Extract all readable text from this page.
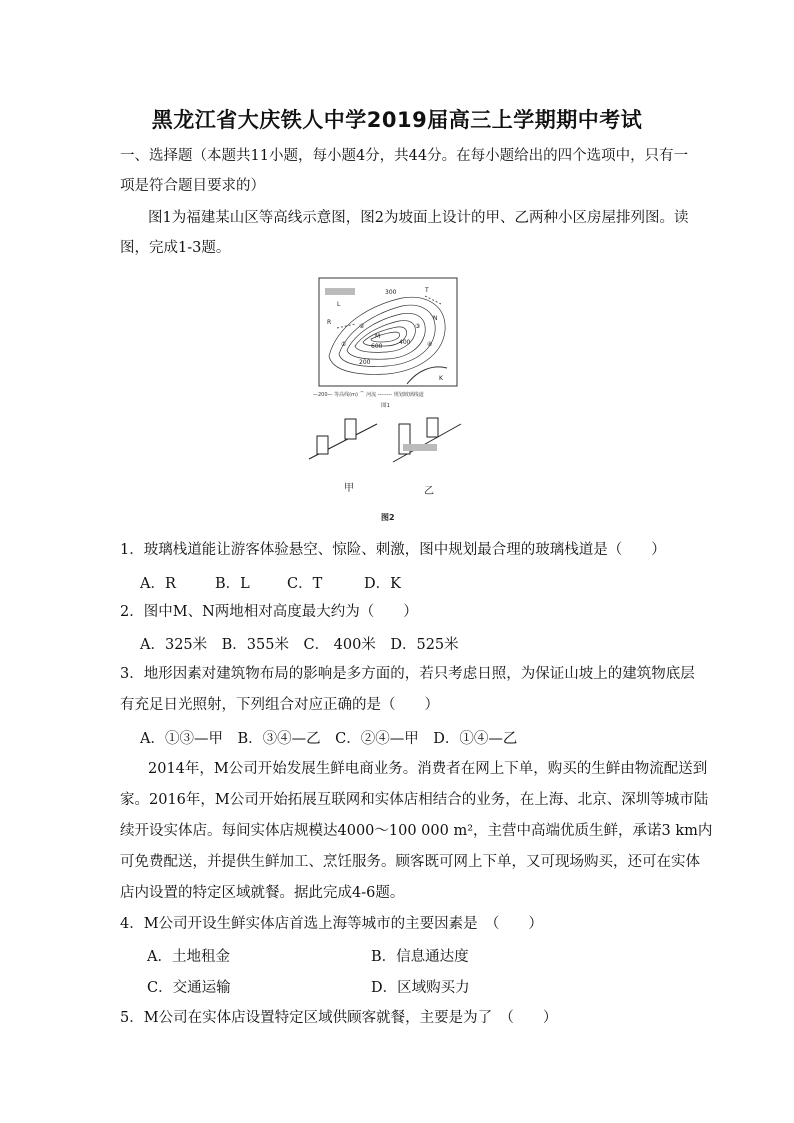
黑龙江省大庆铁人中学2019届高三上学期期中考试
一、选择题（本题共11小题，每小题4分，共44分。在每小题给出的四个选项中，只有一
项是符合题目要求的）
图1为福建某山区等高线示意图，图2为坡面上设计的甲、乙两种小区房屋排列图。读
图，完成1-3题。
200
300
400
600
T
L
R
K
M
N
①
②	③
④
—200— 等高线(m) ⌒ 河流 -------- 规划玻璃栈道
图1
甲	乙
图2
1．玻璃栈道能让游客体验悬空、惊险、刺激，图中规划最合理的玻璃栈道是（　　）
A．R	B．L	C．T	D．K
2．图中M、N两地相对高度最大约为（　　）
A．325米　B．355米　C． 400米　D．525米
3．地形因素对建筑物布局的影响是多方面的，若只考虑日照，为保证山坡上的建筑物底层
有充足日光照射，下列组合对应正确的是（　　）
A．①③—甲　B．③④—乙　C．②④—甲　D．①④—乙
2014年，M公司开始发展生鲜电商业务。消费者在网上下单，购买的生鲜由物流配送到
家。2016年，M公司开始拓展互联网和实体店相结合的业务，在上海、北京、深圳等城市陆
续开设实体店。每间实体店规模达4000～100 000 m²，主营中高端优质生鲜，承诺3 km内
可免费配送，并提供生鲜加工、烹饪服务。顾客既可网上下单，又可现场购买，还可在实体
店内设置的特定区域就餐。据此完成4-6题。
4．M公司开设生鲜实体店首选上海等城市的主要因素是　（　　）
A．土地租金	B．信息通达度
C．交通运输	D．区域购买力
5．M公司在实体店设置特定区域供顾客就餐，主要是为了　（　　）
